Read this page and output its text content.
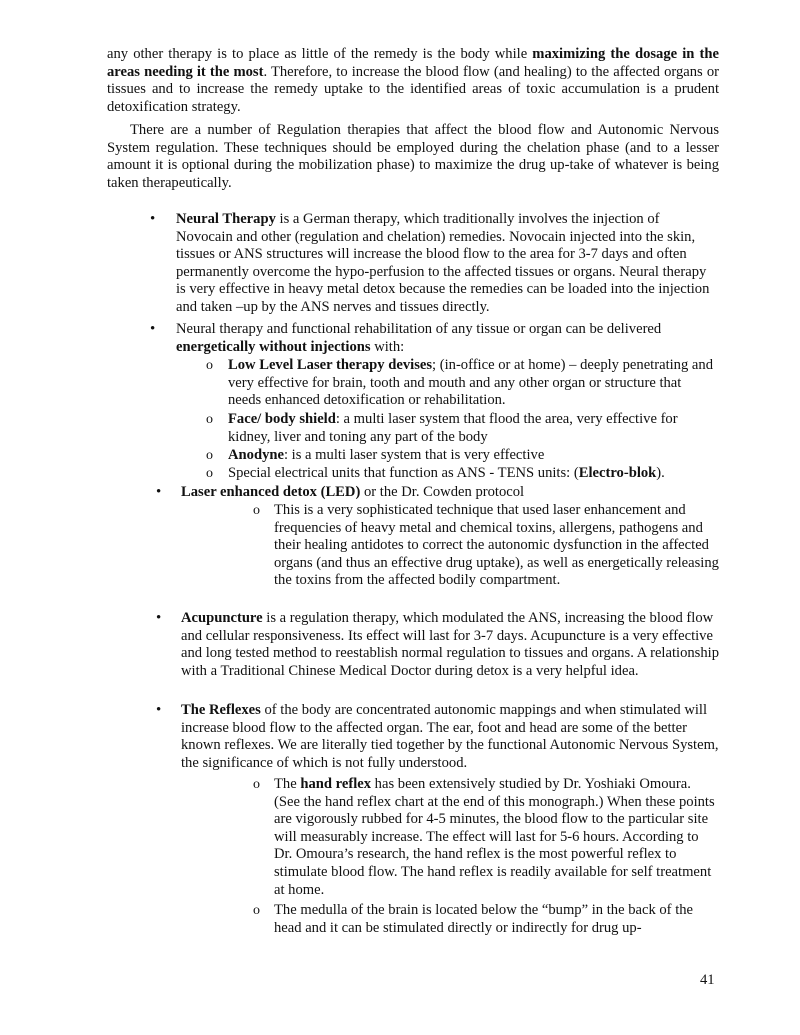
any other therapy is to place as little of the remedy is the body while maximizing the dosage in the areas needing it the most. Therefore, to increase the blood flow (and healing) to the affected organs or tissues and to increase the remedy uptake to the identified areas of toxic accumulation is a prudent detoxification strategy.
There are a number of Regulation therapies that affect the blood flow and Autonomic Nervous System regulation. These techniques should be employed during the chelation phase (and to a lesser amount it is optional during the mobilization phase) to maximize the drug up-take of whatever is being taken therapeutically.
• Neural Therapy is a German therapy, which traditionally involves the injection of Novocain and other (regulation and chelation) remedies. Novocain injected into the skin, tissues or ANS structures will increase the blood flow to the area for 3-7 days and often permanently overcome the hypo-perfusion to the affected tissues or organs. Neural therapy is very effective in heavy metal detox because the remedies can be loaded into the injection and taken –up by the ANS nerves and tissues directly.
• Neural therapy and functional rehabilitation of any tissue or organ can be delivered energetically without injections with:
o Low Level Laser therapy devises; (in-office or at home) – deeply penetrating and very effective for brain, tooth and mouth and any other organ or structure that needs enhanced detoxification or rehabilitation.
o Face/ body shield: a multi laser system that flood the area, very effective for kidney, liver and toning any part of the body
o Anodyne: is a multi laser system that is very effective
o Special electrical units that function as ANS - TENS units: (Electro-blok).
• Laser enhanced detox (LED) or the Dr. Cowden protocol
o This is a very sophisticated technique that used laser enhancement and frequencies of heavy metal and chemical toxins, allergens, pathogens and their healing antidotes to correct the autonomic dysfunction in the affected organs (and thus an effective drug uptake), as well as energetically releasing the toxins from the affected bodily compartment.
• Acupuncture is a regulation therapy, which modulated the ANS, increasing the blood flow and cellular responsiveness. Its effect will last for 3-7 days. Acupuncture is a very effective and long tested method to reestablish normal regulation to tissues and organs. A relationship with a Traditional Chinese Medical Doctor during detox is a very helpful idea.
• The Reflexes of the body are concentrated autonomic mappings and when stimulated will increase blood flow to the affected organ. The ear, foot and head are some of the better known reflexes. We are literally tied together by the functional Autonomic Nervous System, the significance of which is not fully understood.
o The hand reflex has been extensively studied by Dr. Yoshiaki Omoura. (See the hand reflex chart at the end of this monograph.) When these points are vigorously rubbed for 4-5 minutes, the blood flow to the particular site will measurably increase. The effect will last for 5-6 hours. According to Dr. Omoura’s research, the hand reflex is the most powerful reflex to stimulate blood flow. The hand reflex is readily available for self treatment at home.
o The medulla of the brain is located below the “bump” in the back of the head and it can be stimulated directly or indirectly for drug up-
41
